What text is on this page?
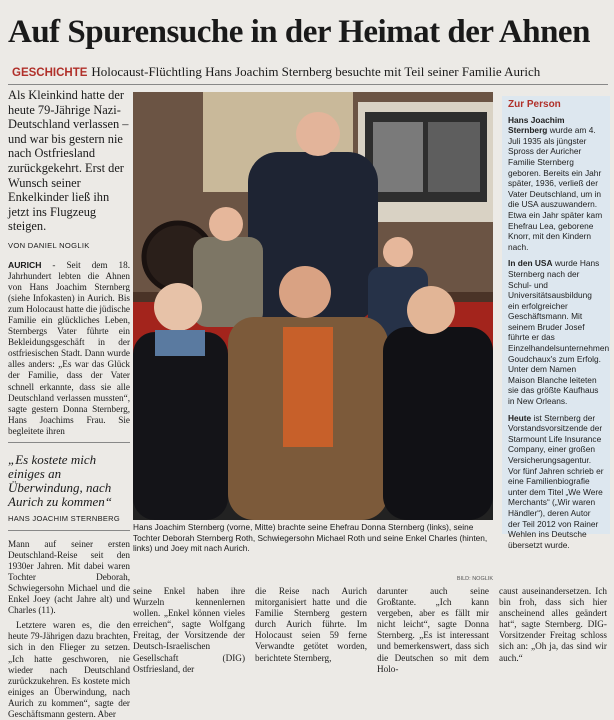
Auf Spurensuche in der Heimat der Ahnen
GESCHICHTE Holocaust-Flüchtling Hans Joachim Sternberg besuchte mit Teil seiner Familie Aurich

Als Kleinkind hatte der heute 79-Jährige Nazi-Deutschland verlassen – und war bis gestern nie nach Ostfriesland zurückgekehrt. Erst der Wunsch seiner Enkelkinder ließ ihn jetzt ins Flugzeug steigen.

VON DANIEL NOGLIK

AURICH - Seit dem 18. Jahrhundert lebten die Ahnen von Hans Joachim Sternberg (siehe Infokasten) in Aurich. Bis zum Holocaust hatte die jüdische Familie ein glückliches Leben, Sternbergs Vater führte ein Bekleidungsgeschäft in der ostfriesischen Stadt. Dann wurde alles anders: „Es war das Glück der Familie, dass der Vater schnell erkannte, dass sie alle Deutschland verlassen mussten“, sagte gestern Donna Sternberg, Hans Joachims Frau. Sie begleitete ihren

„Es kostete mich einiges an Überwindung, nach Aurich zu kommen“

HANS JOACHIM STERNBERG

Mann auf seiner ersten Deutschland-Reise seit den 1930er Jahren. Mit dabei waren Tochter Deborah, Schwiegersohn Michael und die Enkel Joey (acht Jahre alt) und Charles (11).

Letztere waren es, die den heute 79-Jährigen dazu brachten, sich in den Flieger zu setzen. „Ich hatte geschworen, nie wieder nach Deutschland zurückzukehren. Es kostete mich einiges an Überwindung, nach Aurich zu kommen“, sagte der Geschäftsmann gestern. Aber

Hans Joachim Sternberg (vorne, Mitte) brachte seine Ehefrau Donna Sternberg (links), seine Tochter Deborah Sternberg Roth, Schwiegersohn Michael Roth und seine Enkel Charles (hinten, links) und Joey mit nach Aurich.

BILD: NOGLIK

Zur Person

Hans Joachim Sternberg wurde am 4. Juli 1935 als jüngster Spross der Auricher Familie Sternberg geboren. Bereits ein Jahr später, 1936, verließ der Vater Deutschland, um in die USA auszuwandern. Etwa ein Jahr später kam Ehefrau Lea, geborene Knorr, mit den Kindern nach.

In den USA wurde Hans Sternberg nach der Schul- und Universitätsausbildung ein erfolgreicher Geschäftsmann. Mit seinem Bruder Josef führte er das Einzelhandelsunternehmen Goudchaux's zum Erfolg. Unter dem Namen Maison Blanche leiteten sie das größte Kaufhaus in New Orleans.

Heute ist Sternberg der Vorstandsvorsitzende der Starmount Life Insurance Company, einer großen Versicherungsagentur. Vor fünf Jahren schrieb er eine Familienbiografie unter dem Titel „We Were Merchants“ („Wir waren Händler“), deren Autor der Teil 2012 von Rainer Wehlen ins Deutsche übersetzt wurde.

seine Enkel haben ihre Wurzeln kennenlernen wollen. „Enkel können vieles erreichen“, sagte Wolfgang Freitag, der Vorsitzende der Deutsch-Israelischen Gesellschaft (DIG) Ostfriesland, der

die Reise nach Aurich mitorganisiert hatte und die Familie Sternberg gestern durch Aurich führte. Im Holocaust seien 59 ferne Verwandte getötet worden, berichtete Sternberg,

darunter auch seine Großtante. „Ich kann vergeben, aber es fällt mir nicht leicht“, sagte Donna Sternberg. „Es ist interessant und bemerkenswert, dass sich die Deutschen so mit dem Holo-

caust auseinandersetzen. Ich bin froh, dass sich hier anscheinend alles geändert hat“, sagte Sternberg. DIG-Vorsitzender Freitag schloss sich an: „Oh ja, das sind wir auch.“
